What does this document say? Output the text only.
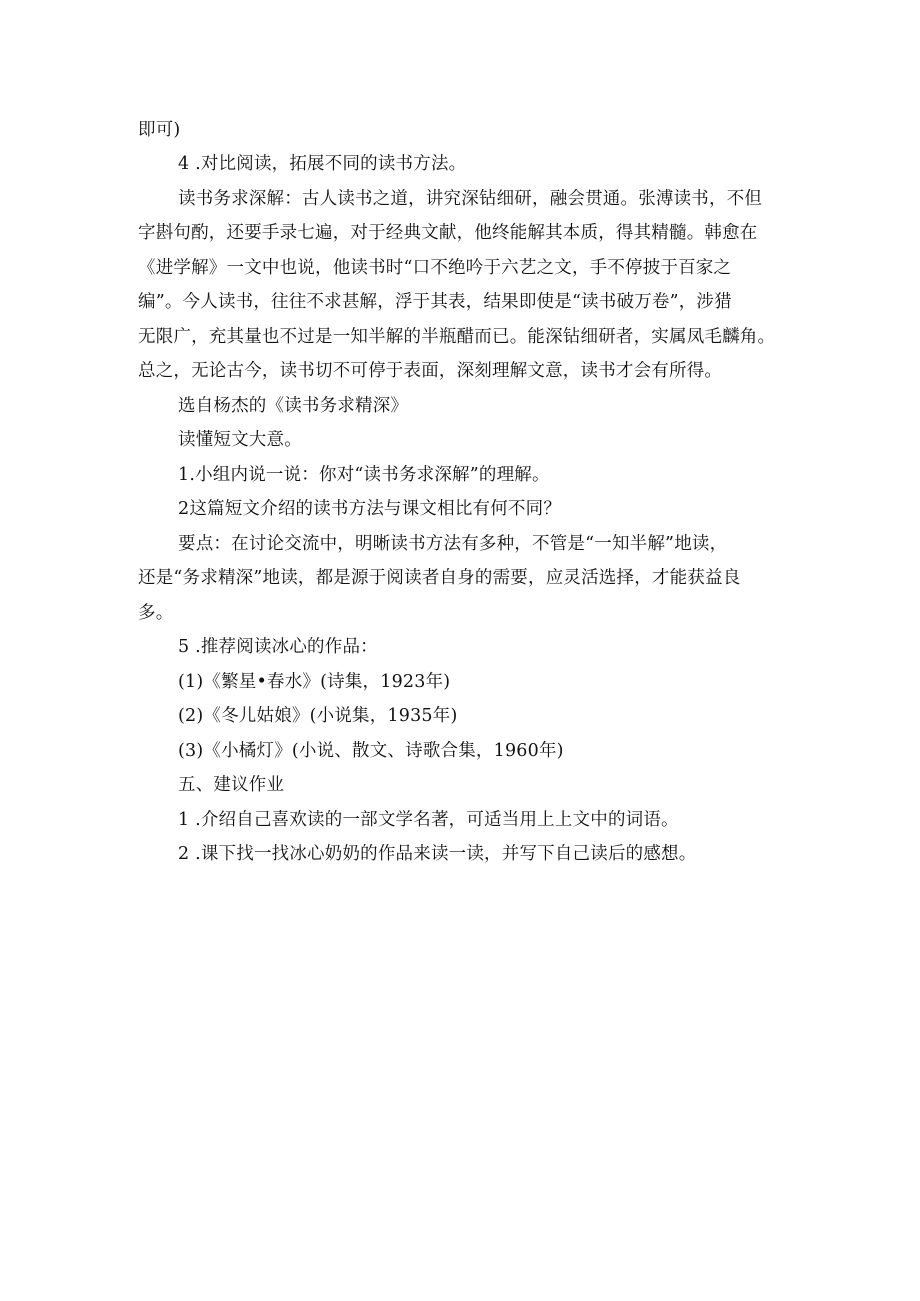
即可)
4 .对比阅读，拓展不同的读书方法。
读书务求深解：古人读书之道，讲究深钻细研，融会贯通。张溥读书，不但
字斟句酌，还要手录七遍，对于经典文献，他终能解其本质，得其精髓。韩愈在
《进学解》一文中也说，他读书时“口不绝吟于六艺之文，手不停披于百家之
编”。今人读书，往往不求甚解，浮于其表，结果即使是“读书破万卷”，涉猎
无限广，充其量也不过是一知半解的半瓶醋而已。能深钻细研者，实属凤毛麟角。
总之，无论古今，读书切不可停于表面，深刻理解文意，读书才会有所得。
选自杨杰的《读书务求精深》
读懂短文大意。
1.小组内说一说：你对“读书务求深解”的理解。
2这篇短文介绍的读书方法与课文相比有何不同？
要点：在讨论交流中，明晰读书方法有多种，不管是“一知半解”地读，
还是“务求精深”地读，都是源于阅读者自身的需要，应灵活选择，才能获益良
多。
5 .推荐阅读冰心的作品：
(1)《繁星•春水》(诗集，1923年)
(2)《冬儿姑娘》(小说集，1935年)
(3)《小橘灯》(小说、散文、诗歌合集，1960年)
五、建议作业
1 .介绍自己喜欢读的一部文学名著，可适当用上上文中的词语。
2 .课下找一找冰心奶奶的作品来读一读，并写下自己读后的感想。
